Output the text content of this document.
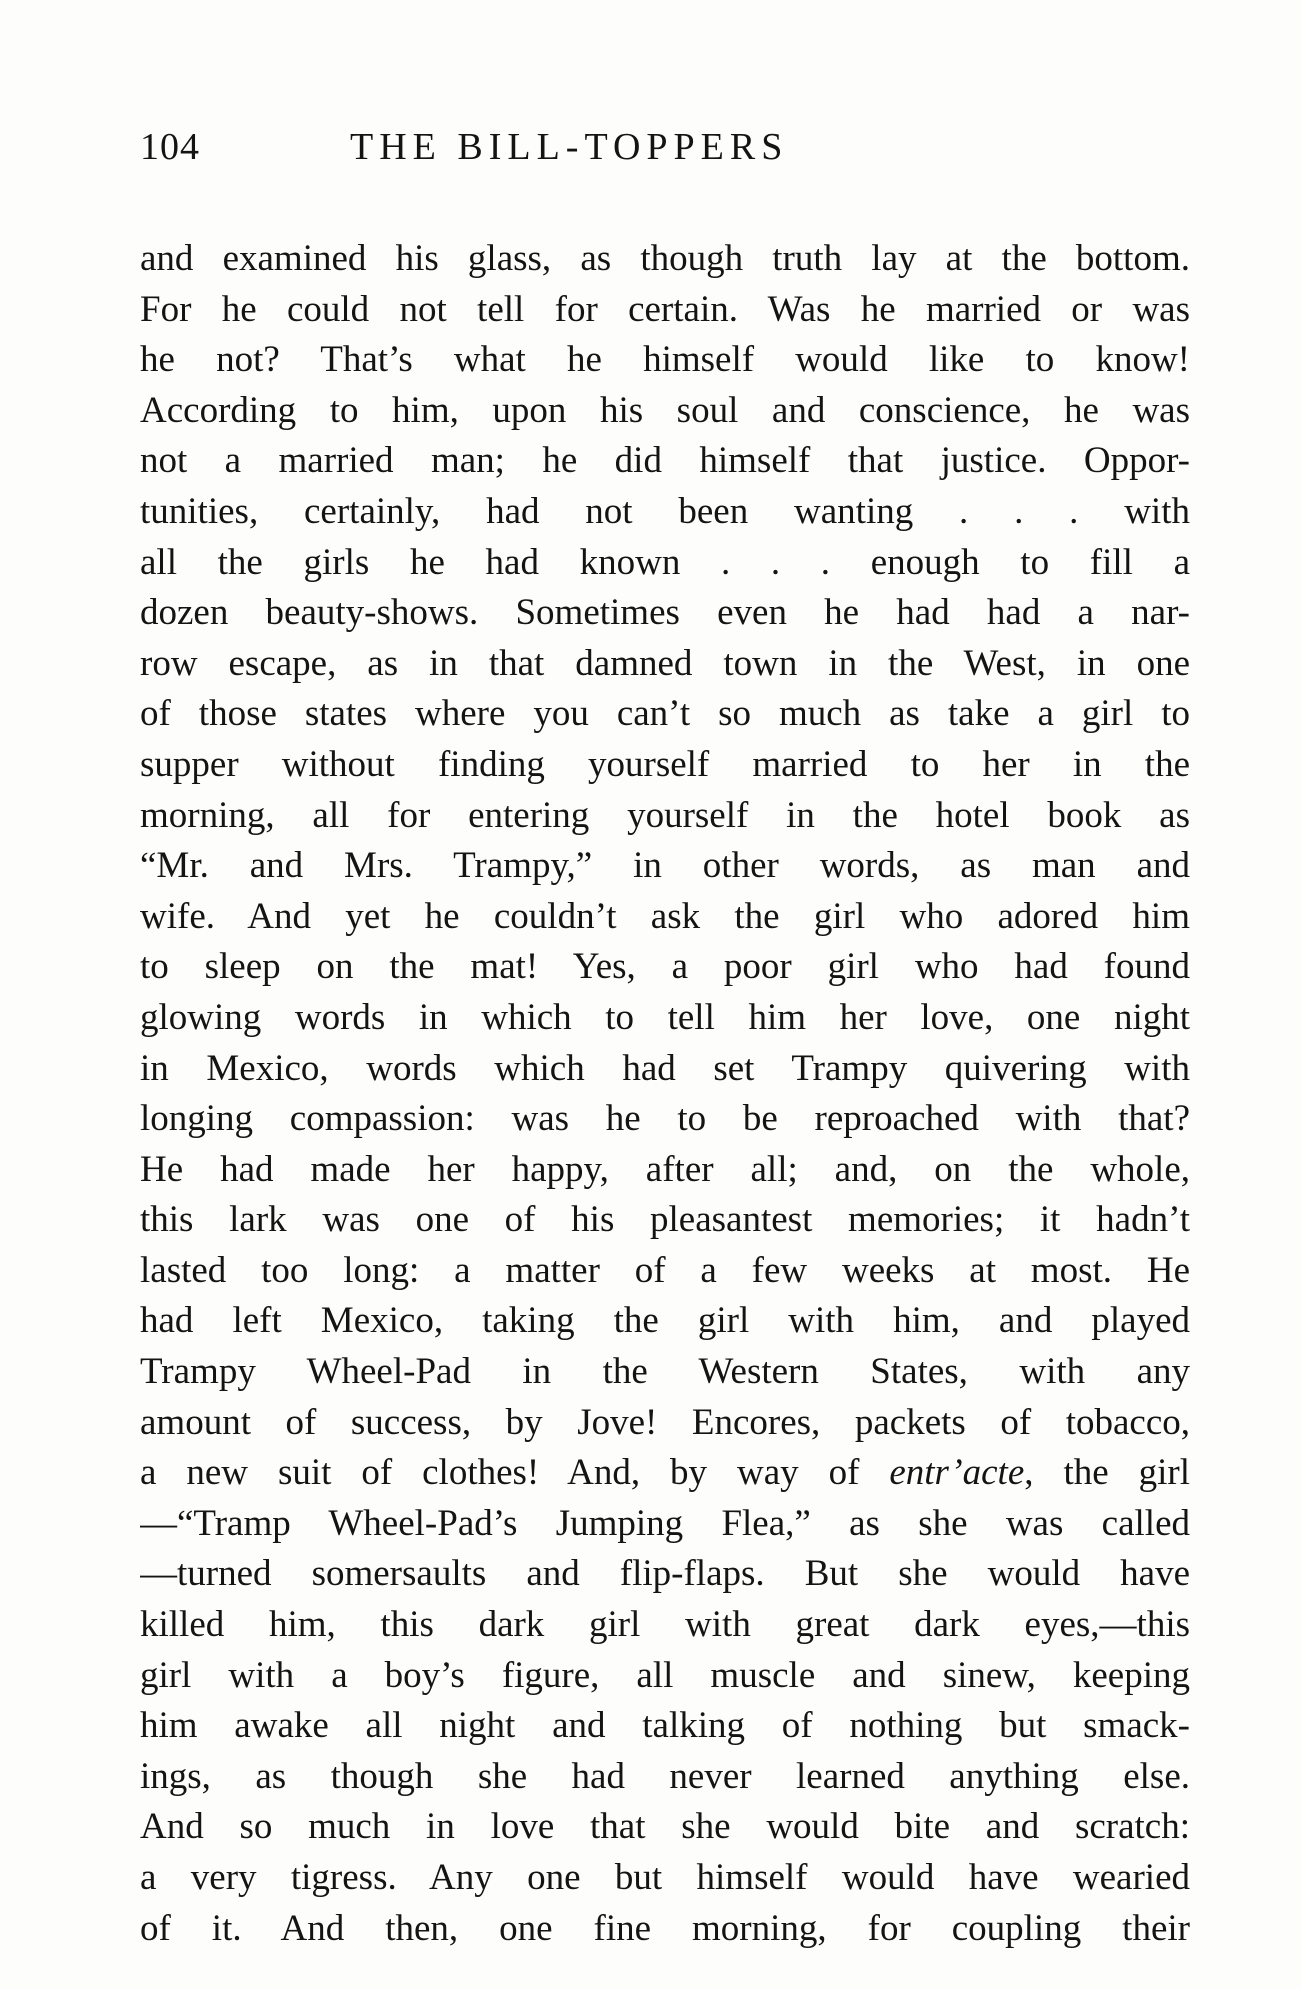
104	THE BILL-TOPPERS
and examined his glass, as though truth lay at the bottom.
For he could not tell for certain. Was he married or was
he not? That’s what he himself would like to know!
According to him, upon his soul and conscience, he was
not a married man; he did himself that justice. Oppor-
tunities, certainly, had not been wanting . . . with
all the girls he had known . . . enough to fill a
dozen beauty-shows. Sometimes even he had had a nar-
row escape, as in that damned town in the West, in one
of those states where you can’t so much as take a girl to
supper without finding yourself married to her in the
morning, all for entering yourself in the hotel book as
“Mr. and Mrs. Trampy,” in other words, as man and
wife. And yet he couldn’t ask the girl who adored him
to sleep on the mat! Yes, a poor girl who had found
glowing words in which to tell him her love, one night
in Mexico, words which had set Trampy quivering with
longing compassion: was he to be reproached with that?
He had made her happy, after all; and, on the whole,
this lark was one of his pleasantest memories; it hadn’t
lasted too long: a matter of a few weeks at most. He
had left Mexico, taking the girl with him, and played
Trampy Wheel-Pad in the Western States, with any
amount of success, by Jove! Encores, packets of tobacco,
a new suit of clothes! And, by way of entr’acte, the girl
—“Tramp Wheel-Pad’s Jumping Flea,” as she was called
—turned somersaults and flip-flaps. But she would have
killed him, this dark girl with great dark eyes,—this
girl with a boy’s figure, all muscle and sinew, keeping
him awake all night and talking of nothing but smack-
ings, as though she had never learned anything else.
And so much in love that she would bite and scratch:
a very tigress. Any one but himself would have wearied
of it. And then, one fine morning, for coupling their
